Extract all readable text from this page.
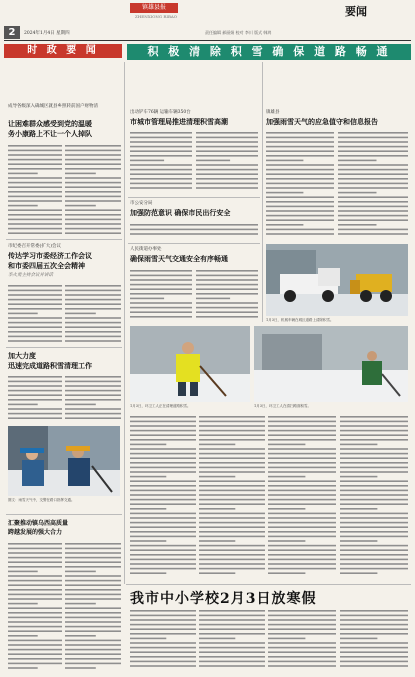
镇雄县报
ZHENXIONG RIBAO	要闻
2	2024年1月4日 星期四	责任编辑 郝丽娟 校对 李川 版式 韩鸿
时 政 要 闻	积 极 清 除 积 雪 确 保 道 路 畅 通
成导各级深入确城区就县乡照转前国户财物清
让困难群众感受到党的温暖
务小康路上不让一个人掉队
市纪委召开常委(扩大)会议
传达学习市委经济工作会议
和市委四届五次全会精神
李火勇主持会议并讲话
加大力度
迅速完成道路积雪清理工作
图文：雨雪天气中，交警在路口指挥交通。
汇聚推动镇乌西高质量
跨越发展的强大合力
出动铲车76辆 运输车辆350台
市城市管理局推进清理积雪高潮
市公安分局
加强防范意识 确保市民出行安全
人民街道办事处
确保雨雪天气交通安全有序畅通
镇雄县
加强雨雪天气的应急值守和信息报告
1月3日，机械车辆在城区道路上清除积雪。
1月3日，环卫工人正在清理道路积雪。	1月3日，环卫工人在清扫路面积雪。
我市中小学校2月3日放寒假
